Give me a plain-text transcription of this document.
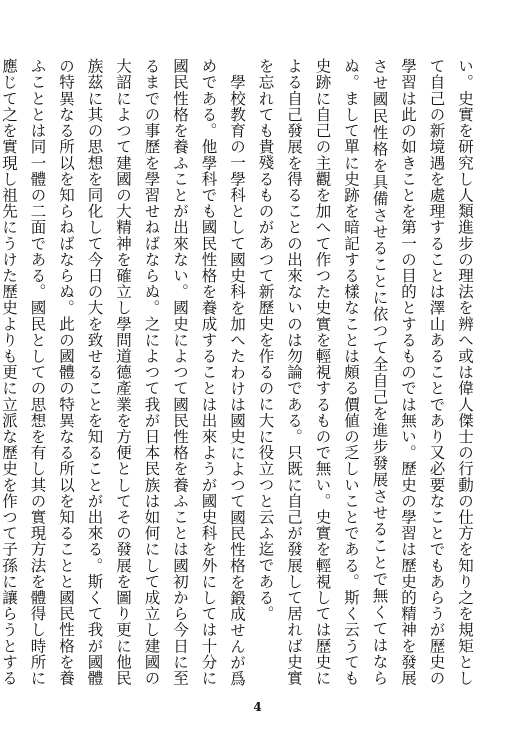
い。史實を研究し人類進步の理法を辨へ或は偉人傑士の行動の仕方を知り之を規矩として自己の新境遇を處理することは澤山あることであり又必要なことでもあらうが歷史の學習は此の如きことを第一の目的とするものでは無い。歷史の學習は歷史的精神を發展させ國民性格を具備させることに依つて全自己を進步發展させることで無くてはならぬ。まして單に史跡を暗記する樣なことは頗る價値の乏しいことである。斯く云うても史跡に自己の主觀を加へて作つた史實を輕視するもので無い。史實を輕視しては歷史による自己發展を得ることの出來ないのは勿論である。只既に自己が發展して居れば史實を忘れても貴殘るものがあつて新歷史を作るのに大に役立つと云ふ迄である。

學校教育の一學科として國史科を加へたわけは國史によつて國民性格を鍛成せんが爲めである。他學科でも國民性格を養成することは出來ようが國史科を外にしては十分に國民性格を養ふことが出來ない。國史によつて國民性格を養ふことは國初から今日に至るまでの事歷を學習せねばならぬ。之によつて我が日本民族は如何にして成立し建國の大詔によつて建國の大精神を確立し學問道德產業を方便としてその發展を圖り更に他民族茲に其の思想を同化して今日の大を致せることを知ることが出來る。斯くて我が國體の特異なる所以を知らねばならぬ。此の國體の特異なる所以を知ることと國民性格を養ふこととは同一體の二面である。國民としての思想を有し其の實現方法を體得し時所に應じて之を實現し祖先にうけた歷史よりも更に立派な歷史を作つて子孫に讓らうとする

4
